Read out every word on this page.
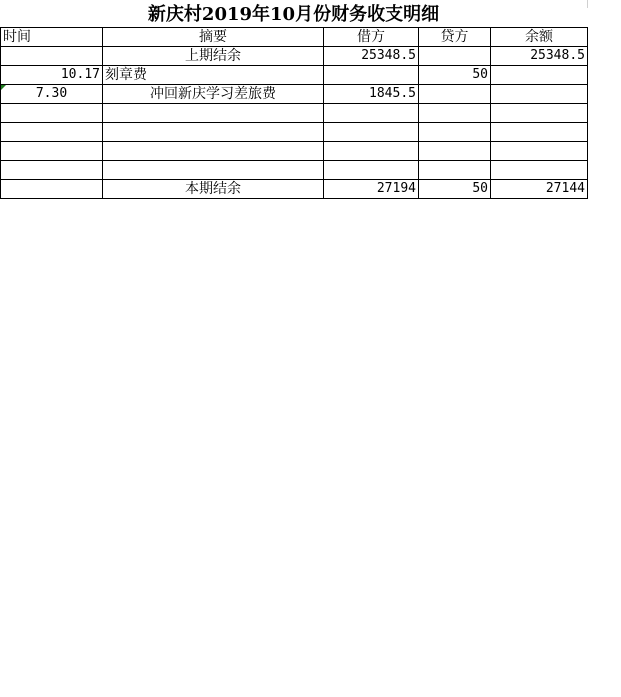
新庆村2019年10月份财务收支明细
时间	摘要	借方	贷方	余额
	上期结余	25348.5		25348.5
10.17	刻章费		50	
7.30	冲回新庆学习差旅费	1845.5		

	本期结余	27194	50	27144
